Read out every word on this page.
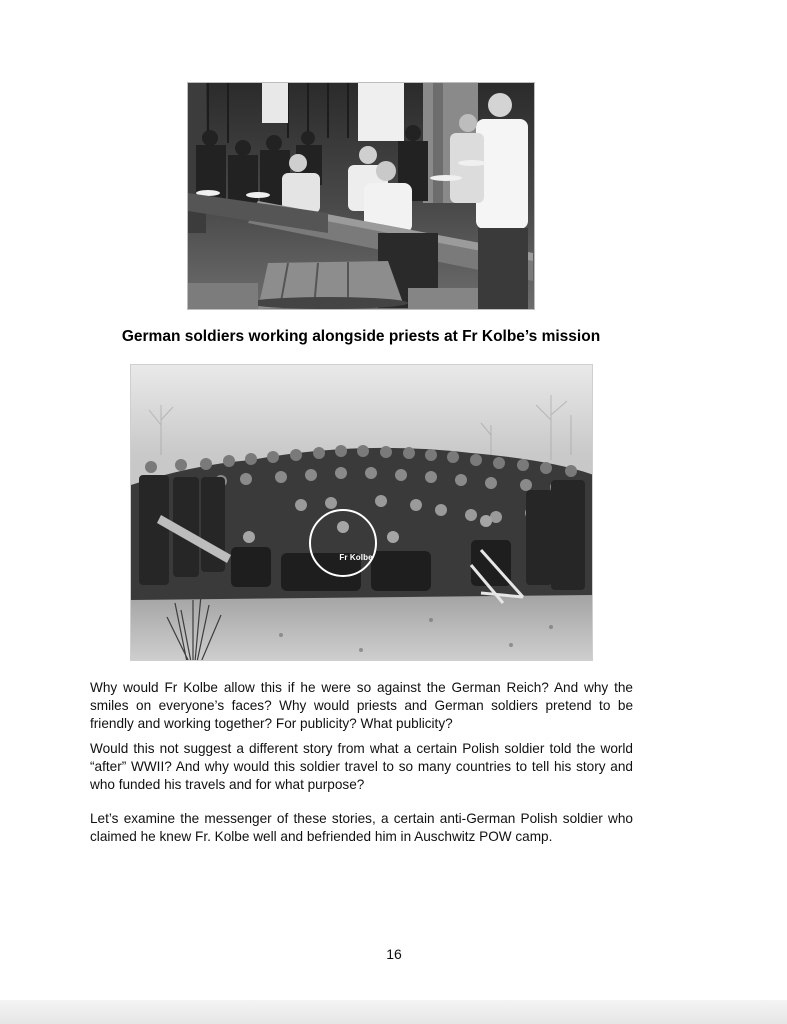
German soldiers working alongside priests at Fr Kolbe’s mission

Fr Kolbe

Why would Fr Kolbe allow this if he were so against the German Reich? And why the smiles on everyone’s faces? Why would priests and German soldiers pretend to be friendly and working together? For publicity? What publicity?

Would this not suggest a different story from what a certain Polish soldier told the world “after” WWII? And why would this soldier travel to so many countries to tell his story and who funded his travels and for what purpose?

Let’s examine the messenger of these stories, a certain anti-German Polish soldier who claimed he knew Fr. Kolbe well and befriended him in Auschwitz POW camp.

16
